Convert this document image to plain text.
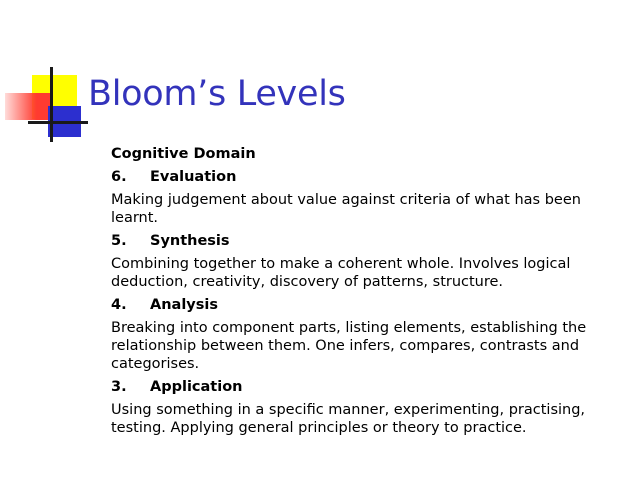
Bloom’s Levels
Cognitive Domain
6.	Evaluation
Making judgement about value against criteria of what has been learnt.
5.	Synthesis
Combining together to make a coherent whole. Involves logical deduction, creativity, discovery of patterns, structure.
4.	Analysis
Breaking into component parts, listing elements, establishing the relationship between them. One infers, compares, contrasts and categorises.
3.	Application
Using something in a specific manner, experimenting, practising, testing. Applying general principles or theory to practice.
